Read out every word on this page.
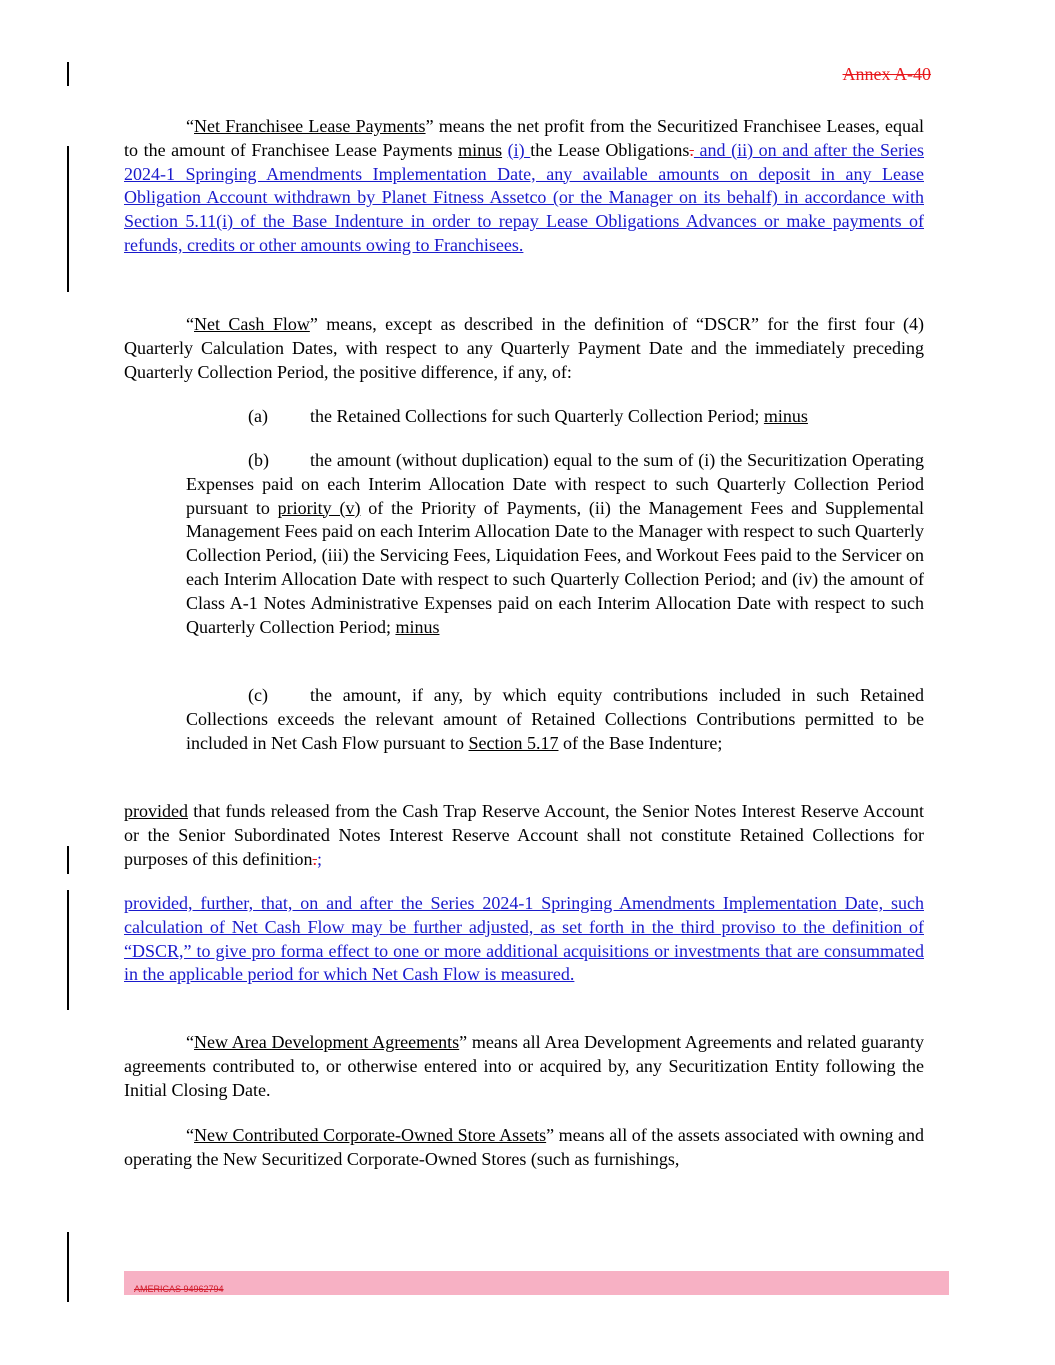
Annex A-40

“Net Franchisee Lease Payments” means the net profit from the Securitized Franchisee Leases, equal to the amount of Franchisee Lease Payments minus (i) the Lease Obligations. and (ii) on and after the Series 2024-1 Springing Amendments Implementation Date, any available amounts on deposit in any Lease Obligation Account withdrawn by Planet Fitness Assetco (or the Manager on its behalf) in accordance with Section 5.11(i) of the Base Indenture in order to repay Lease Obligations Advances or make payments of refunds, credits or other amounts owing to Franchisees.

“Net Cash Flow” means, except as described in the definition of “DSCR” for the first four (4) Quarterly Calculation Dates, with respect to any Quarterly Payment Date and the immediately preceding Quarterly Collection Period, the positive difference, if any, of:

(a) the Retained Collections for such Quarterly Collection Period; minus

(b) the amount (without duplication) equal to the sum of (i) the Securitization Operating Expenses paid on each Interim Allocation Date with respect to such Quarterly Collection Period pursuant to priority (v) of the Priority of Payments, (ii) the Management Fees and Supplemental Management Fees paid on each Interim Allocation Date to the Manager with respect to such Quarterly Collection Period, (iii) the Servicing Fees, Liquidation Fees, and Workout Fees paid to the Servicer on each Interim Allocation Date with respect to such Quarterly Collection Period; and (iv) the amount of Class A-1 Notes Administrative Expenses paid on each Interim Allocation Date with respect to such Quarterly Collection Period; minus

(c) the amount, if any, by which equity contributions included in such Retained Collections exceeds the relevant amount of Retained Collections Contributions permitted to be included in Net Cash Flow pursuant to Section 5.17 of the Base Indenture;

provided that funds released from the Cash Trap Reserve Account, the Senior Notes Interest Reserve Account or the Senior Subordinated Notes Interest Reserve Account shall not constitute Retained Collections for purposes of this definition.;

provided, further, that, on and after the Series 2024-1 Springing Amendments Implementation Date, such calculation of Net Cash Flow may be further adjusted, as set forth in the third proviso to the definition of “DSCR,” to give pro forma effect to one or more additional acquisitions or investments that are consummated in the applicable period for which Net Cash Flow is measured.

“New Area Development Agreements” means all Area Development Agreements and related guaranty agreements contributed to, or otherwise entered into or acquired by, any Securitization Entity following the Initial Closing Date.

“New Contributed Corporate-Owned Store Assets” means all of the assets associated with owning and operating the New Securitized Corporate-Owned Stores (such as furnishings,

AMERICAS 94962794
